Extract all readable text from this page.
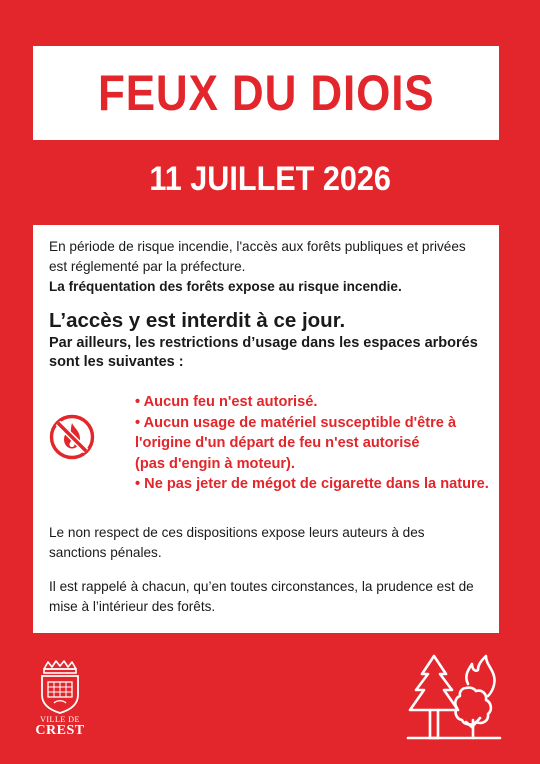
FEUX DU DIOIS
11 JUILLET 2026

En période de risque incendie, l'accès aux forêts publiques et privées

est réglementé par la préfecture.

La fréquentation des forêts expose au risque incendie.

L’accès y est interdit à ce jour.

Par ailleurs, les restrictions d’usage dans les espaces arborés

sont les suivantes :

• Aucun feu n'est autorisé.
• Aucun usage de matériel susceptible d'être à
l'origine d'un départ de feu n'est autorisé
(pas d'engin à moteur).
• Ne pas jeter de mégot de cigarette dans la nature.

Le non respect de ces dispositions expose leurs auteurs à des
sanctions pénales.

Il est rappelé à chacun, qu’en toutes circonstances, la prudence est de
mise à l’intérieur des forêts.

VILLE DE
CREST
